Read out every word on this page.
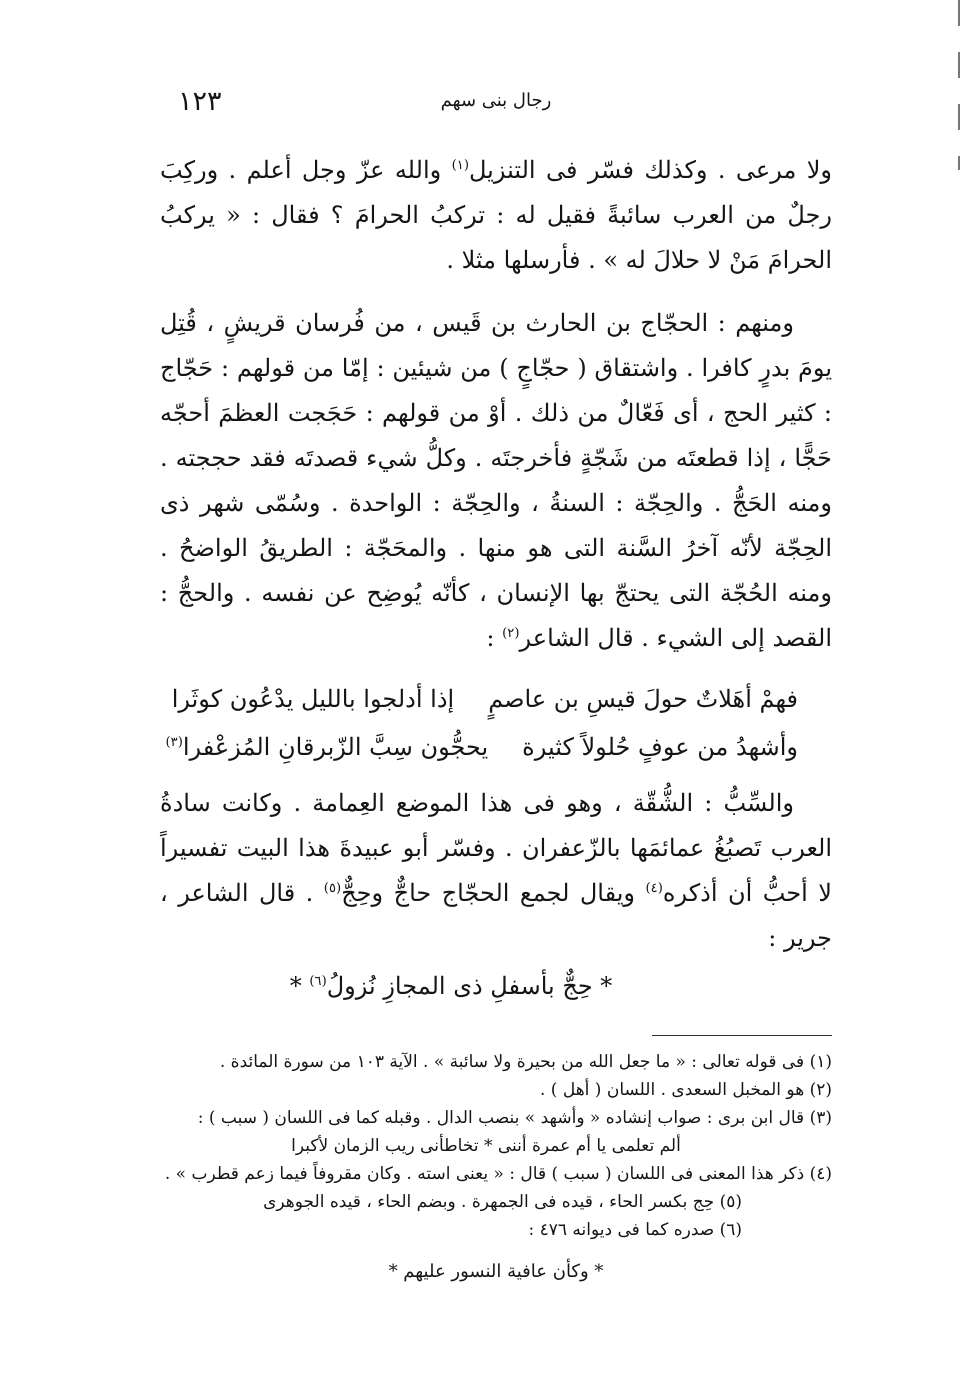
١٢٣	رجال بنى سهم

ولا مرعى . وكذلك فسّر فى التنزيل$^{(١)}$ والله عزّ وجل أعلم . وركِبَ رجلٌ من العرب سائبةً فقيل له : تركبُ الحرامَ ؟ فقال : « يركبُ الحرامَ مَنْ لا حلالَ له » . فأرسلها مثلا .

ومنهم : الحجّاج بن الحارث بن قَيس ، من فُرسان قريشٍ ، قُتِل يومَ بدرٍ كافرا . واشتقاق ( حجّاجٍ ) من شيئين : إمّا من قولهم : حَجّاج : كثير الحج ، أى فَعّالٌ من ذلك . أوْ من قولهم : حَجَجت العظمَ أحجّه حَجًّا ، إذا قطعتَه من شَجّةٍ فأخرجتَه . وكلُّ شيء قصدتَه فقد حججته . ومنه الحَجُّ . والحِجّة : السنةُ ، والحِجّة : الواحدة . وسُمّى شهر ذى الحِجّة لأنّه آخرُ السَّنة التى هو منها . والمحَجّة : الطريقُ الواضحُ . ومنه الحُجّة التى يحتجّ بها الإنسان ، كأنّه يُوضِح عن نفسه . والحجُّ : القصد إلى الشيء . قال الشاعر$^{(٢)}$ :

فهمْ أهَلاتٌ حولَ قيسِ بن عاصمٍ
إذا أدلجوا بالليل يدْعُون كوثَرا
وأشهدُ من عوفٍ حُلولاً كثيرة
يحجُّون سِبَّ الزّبرقانِ المُزعْفرا$^{(٣)}$

والسِّبُّ : الشُّقّة ، وهو فى هذا الموضع العِمامة . وكانت سادةُ العرب تَصبُغُ عمائمَها بالزّعفران . وفسّر أبو عبيدةَ هذا البيت تفسيراً لا أحبُّ أن أذكره$^{(٤)}$ ويقال لجمع الحجّاج حاجٌّ وحِجٌّ$^{(٥)}$ . قال الشاعر ، جرير :

* حِجٌّ بأسفلِ ذى المجازِ نُزولُ$^{(٦)}$ *

(١) فى قوله تعالى : « ما جعل الله من بحيرة ولا سائبة » . الآية ١٠٣ من سورة المائدة .

(٢) هو المخبل السعدى . اللسان ( أهل ) .

(٣) قال ابن برى : صواب إنشاده « وأشهد » بنصب الدال . وقبله كما فى اللسان ( سبب ) :

ألم تعلمى يا أم عمرة أننى * تخاطأنى ريب الزمان لأكبرا

(٤) ذكر هذا المعنى فى اللسان ( سبب ) قال : « يعنى استه . وكان مقروفاً فيما زعم قطرب » .

(٥) حِج بكسر الحاء ، قيده فى الجمهرة . وبضم الحاء ، قيده الجوهرى

(٦) صدره كما فى ديوانه ٤٧٦ :

* وكأن عافية النسور عليهم *
